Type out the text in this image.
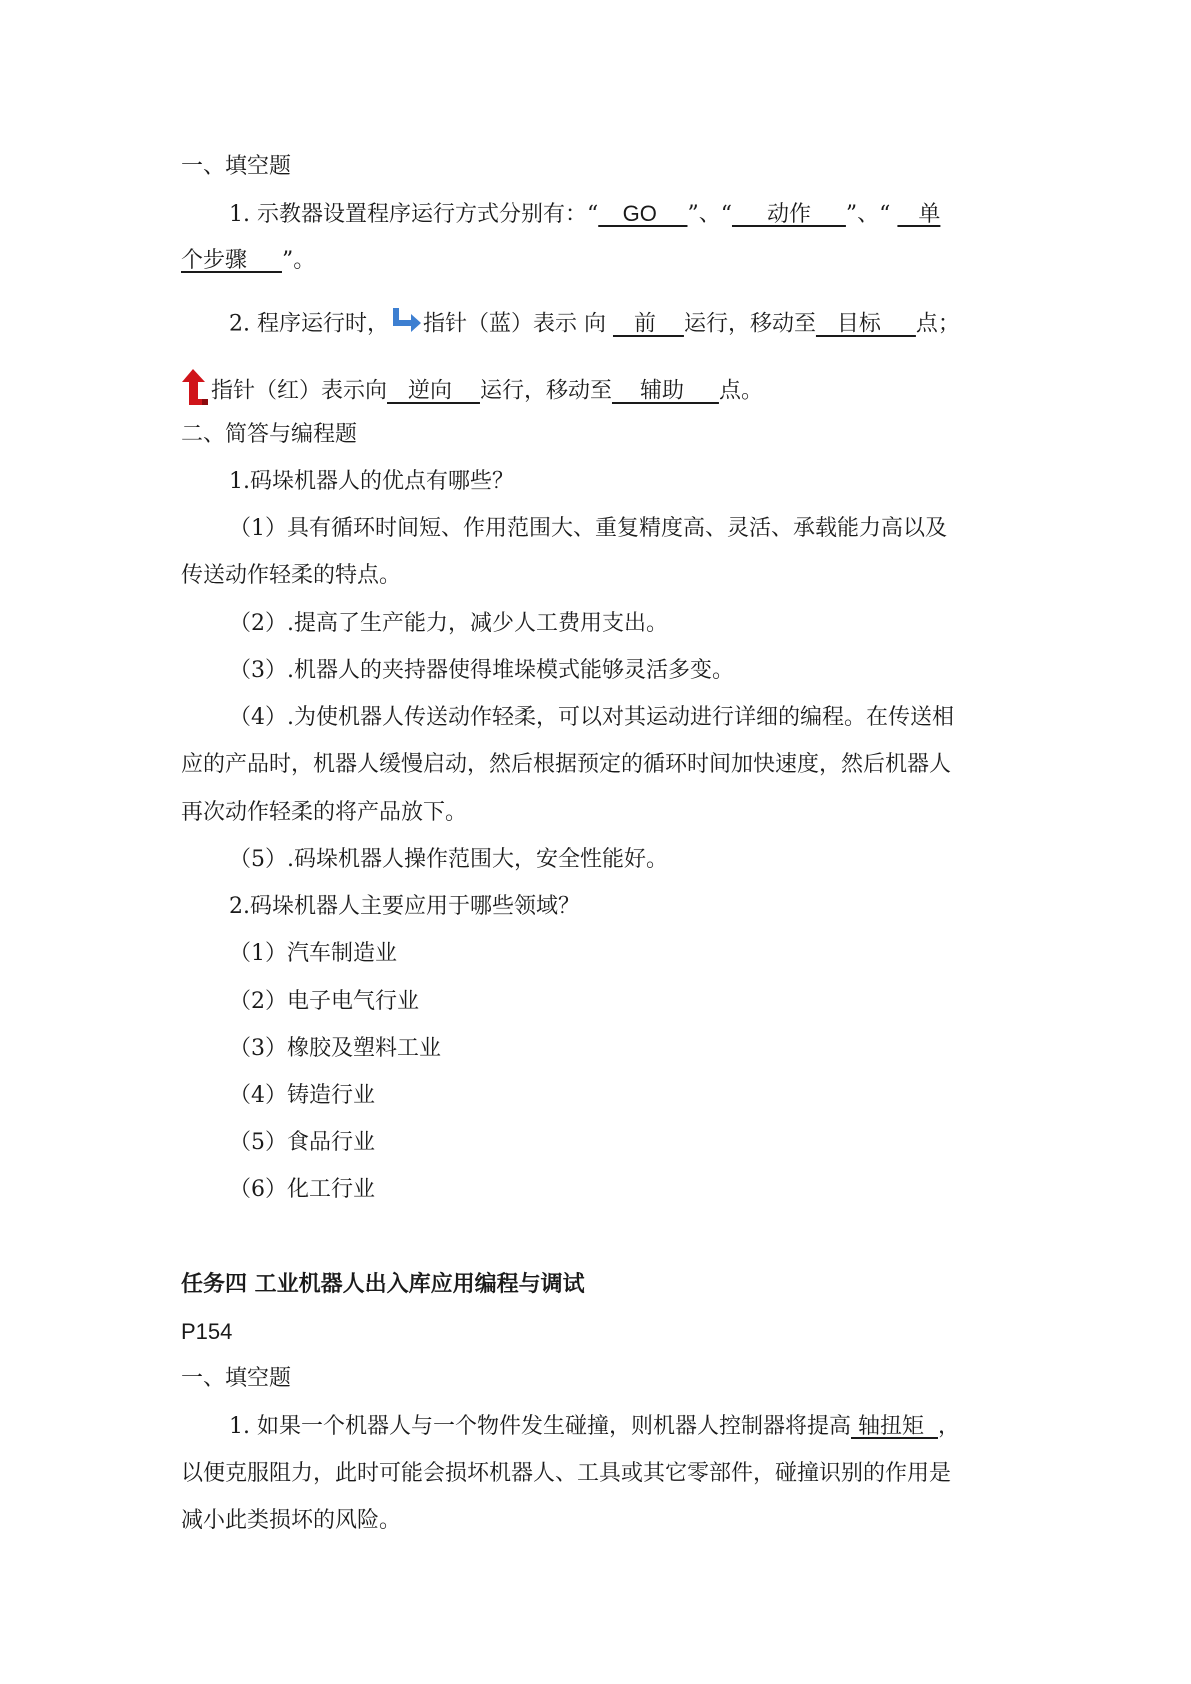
一、填空题
1. 示教器设置程序运行方式分别有：“    GO     ”、“     动作     ”、“    单
个步骤     ”。
2. 程序运行时， 指针（蓝）表示 向    前    运行，移动至   目标     点；
指针（红）表示向   逆向    运行，移动至    辅助     点。
二、简答与编程题
1.码垛机器人的优点有哪些？
（1）具有循环时间短、作用范围大、重复精度高、灵活、承载能力高以及
传送动作轻柔的特点。
（2）.提高了生产能力，减少人工费用支出。
（3）.机器人的夹持器使得堆垛模式能够灵活多变。
（4）.为使机器人传送动作轻柔，可以对其运动进行详细的编程。在传送相
应的产品时，机器人缓慢启动，然后根据预定的循环时间加快速度，然后机器人
再次动作轻柔的将产品放下。
（5）.码垛机器人操作范围大，安全性能好。
2.码垛机器人主要应用于哪些领域？
（1）汽车制造业
（2）电子电气行业
（3）橡胶及塑料工业
（4）铸造行业
（5）食品行业
（6）化工行业
任务四 工业机器人出入库应用编程与调试
P154
一、填空题
1. 如果一个机器人与一个物件发生碰撞，则机器人控制器将提高 轴扭矩  ，
以便克服阻力，此时可能会损坏机器人、工具或其它零部件，碰撞识别的作用是
减小此类损坏的风险。
